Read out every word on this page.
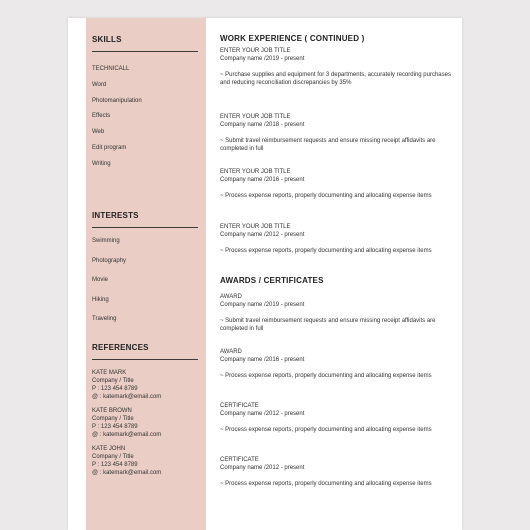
SKILLS
TECHNICALL
Word
Photomanipulation
Effects
Web
Edit program
Writing
INTERESTS
Swimming
Photography
Movie
Hiking
Traveling
REFERENCES
KATE MARK
Company / Title
P : 123 454 8789
@ : katemark@email.com
KATE BROWN
Company / Title
P : 123 454 8789
@ : katemark@email.com
KATE JOHN
Company / Title
P : 123 454 8789
@ : katemark@email.com
WORK EXPERIENCE ( CONTINUED )
ENTER YOUR JOB TITLE
Company name /2019 - present
~ Purchase supplies and equipment for 3 departments, accurately recording purchases and reducing reconciliation discrepancies by 35%
ENTER YOUR JOB TITLE
Company name /2018 - present
~ Submit travel reimbursement requests and ensure missing receipt affidavits are completed in full
ENTER YOUR JOB TITLE
Company name /2016 - present
~ Process expense reports, properly documenting and allocating expense items
ENTER YOUR JOB TITLE
Company name /2012 - present
~ Process expense reports, properly documenting and allocating expense items
AWARDS / CERTIFICATES
AWARD
Company name /2019 - present
~ Submit travel reimbursement requests and ensure missing receipt affidavits are completed in full
AWARD
Company name /2016 - present
~ Process expense reports, properly documenting and allocating expense items
CERTIFICATE
Company name /2012 - present
~ Process expense reports, properly documenting and allocating expense items
CERTIFICATE
Company name /2012 - present
~ Process expense reports, properly documenting and allocating expense items
